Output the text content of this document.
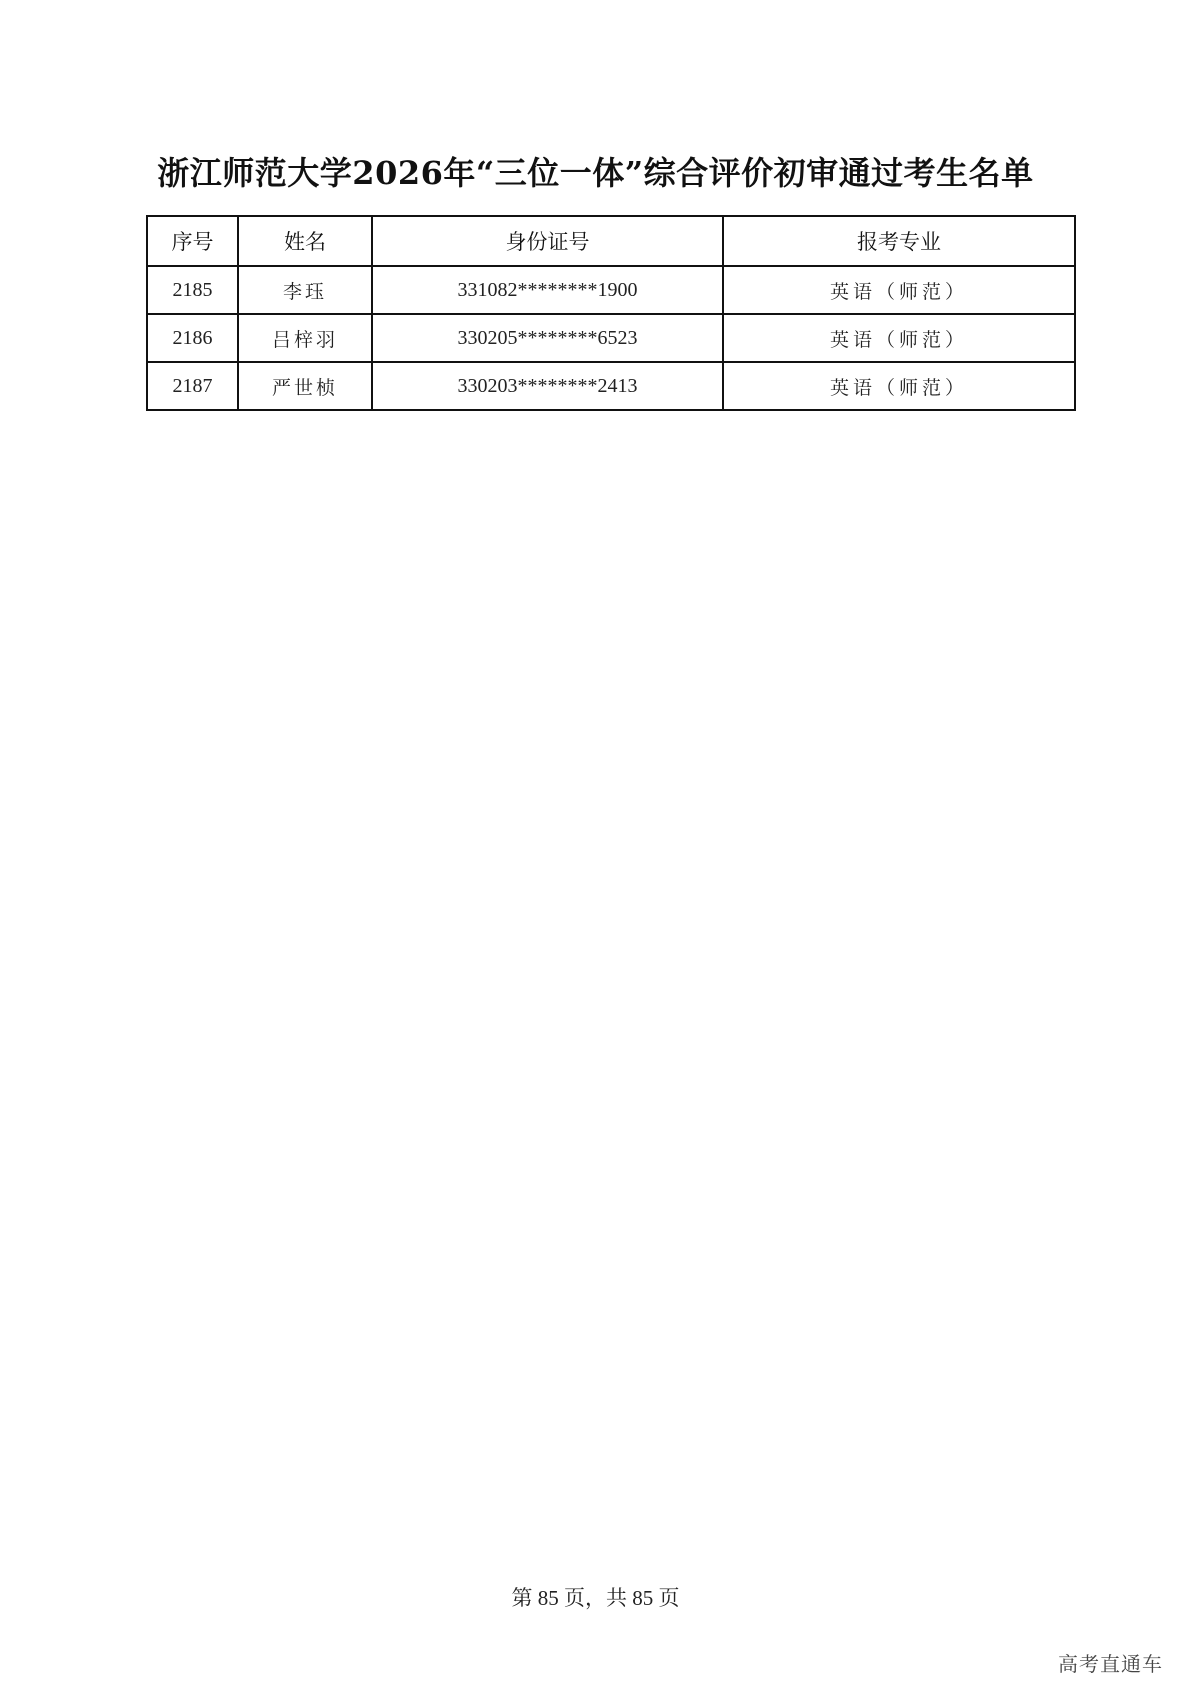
浙江师范大学2026年“三位一体”综合评价初审通过考生名单
序号	姓名	身份证号	报考专业
2185	李珏	331082********1900	英语（师范）
2186	吕梓羽	330205********6523	英语（师范）
2187	严世桢	330203********2413	英语（师范）
第 85 页，共 85 页
高考直通车
